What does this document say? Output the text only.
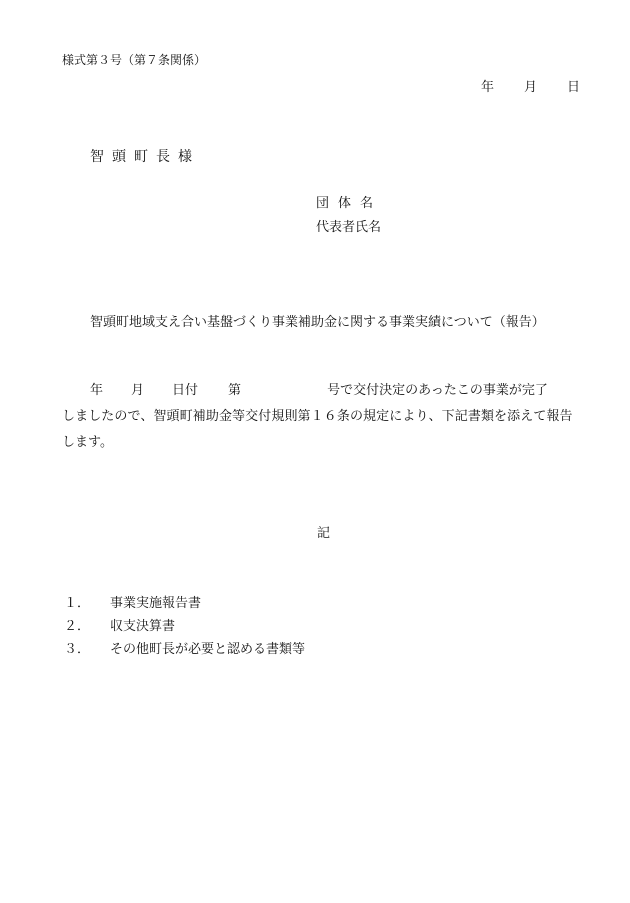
様式第３号（第７条関係）
年 月 日
智頭町長様
団体名
代表者氏名
智頭町地域支え合い基盤づくり事業補助金に関する事業実績について（報告）
年 月 日付 第	号で交付決定のあったこの事業が完了
しましたので、智頭町補助金等交付規則第１６条の規定により、下記書類を添えて報告
します。
記
１． 事業実施報告書
２． 収支決算書
３． その他町長が必要と認める書類等
